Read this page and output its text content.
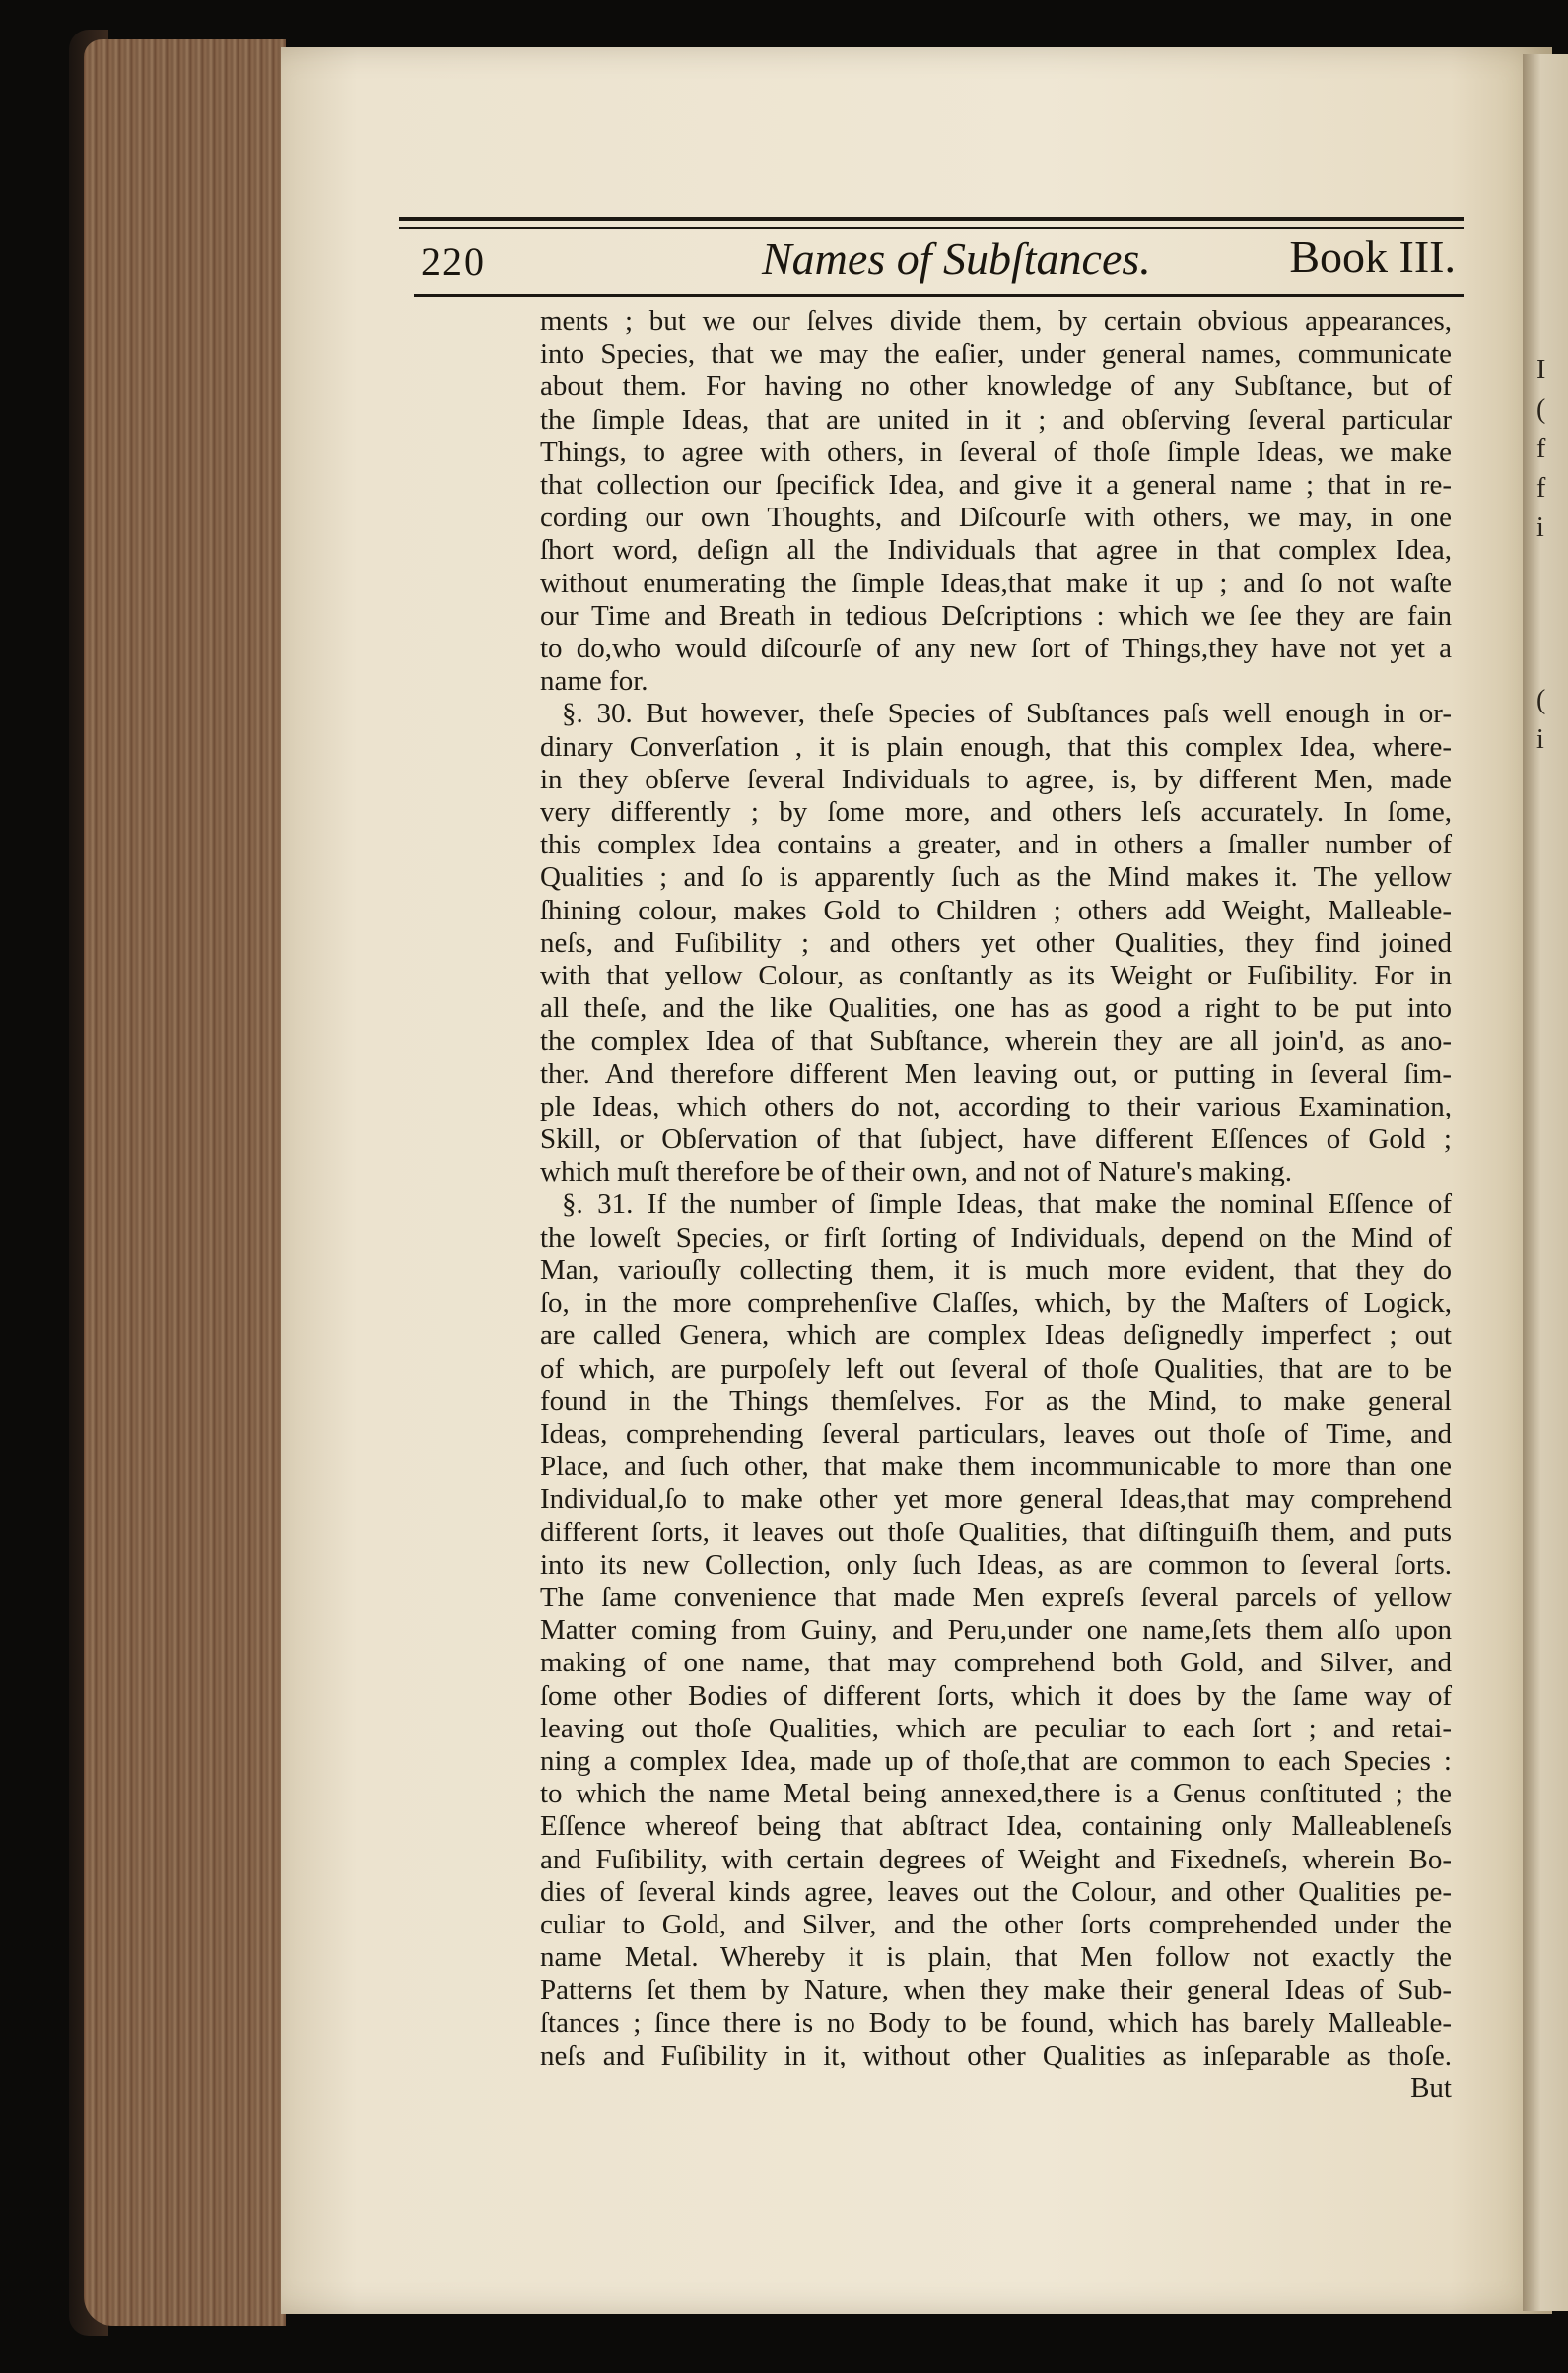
I
(
f
f
i
(
i
220	Names of Subſtances.	Book III.
ments ; but we our ſelves divide them, by certain obvious appearances,
into Species, that we may the eaſier, under general names, communicate
about them. For having no other knowledge of any Subſtance, but of
the ſimple Ideas, that are united in it ; and obſerving ſeveral particular
Things, to agree with others, in ſeveral of thoſe ſimple Ideas, we make
that collection our ſpecifick Idea, and give it a general name ; that in re-
cording our own Thoughts, and Diſcourſe with others, we may, in one
ſhort word, deſign all the Individuals that agree in that complex Idea,
without enumerating the ſimple Ideas,that make it up ; and ſo not waſte
our Time and Breath in tedious Deſcriptions : which we ſee they are fain
to do,who would diſcourſe of any new ſort of Things,they have not yet a
name for.
§. 30. But however, theſe Species of Subſtances paſs well enough in or-
dinary Converſation , it is plain enough, that this complex Idea, where-
in they obſerve ſeveral Individuals to agree, is, by different Men, made
very differently ; by ſome more, and others leſs accurately. In ſome,
this complex Idea contains a greater, and in others a ſmaller number of
Qualities ; and ſo is apparently ſuch as the Mind makes it. The yellow
ſhining colour, makes Gold to Children ; others add Weight, Malleable-
neſs, and Fuſibility ; and others yet other Qualities, they find joined
with that yellow Colour, as conſtantly as its Weight or Fuſibility. For in
all theſe, and the like Qualities, one has as good a right to be put into
the complex Idea of that Subſtance, wherein they are all join'd, as ano-
ther. And therefore different Men leaving out, or putting in ſeveral ſim-
ple Ideas, which others do not, according to their various Examination,
Skill, or Obſervation of that ſubject, have different Eſſences of Gold ;
which muſt therefore be of their own, and not of Nature's making.
§. 31. If the number of ſimple Ideas, that make the nominal Eſſence of
the loweſt Species, or firſt ſorting of Individuals, depend on the Mind of
Man, variouſly collecting them, it is much more evident, that they do
ſo, in the more comprehenſive Claſſes, which, by the Maſters of Logick,
are called Genera, which are complex Ideas deſignedly imperfect ; out
of which, are purpoſely left out ſeveral of thoſe Qualities, that are to be
found in the Things themſelves. For as the Mind, to make general
Ideas, comprehending ſeveral particulars, leaves out thoſe of Time, and
Place, and ſuch other, that make them incommunicable to more than one
Individual,ſo to make other yet more general Ideas,that may comprehend
different ſorts, it leaves out thoſe Qualities, that diſtinguiſh them, and puts
into its new Collection, only ſuch Ideas, as are common to ſeveral ſorts.
The ſame convenience that made Men expreſs ſeveral parcels of yellow
Matter coming from Guiny, and Peru,under one name,ſets them alſo upon
making of one name, that may comprehend both Gold, and Silver, and
ſome other Bodies of different ſorts, which it does by the ſame way of
leaving out thoſe Qualities, which are peculiar to each ſort ; and retai-
ning a complex Idea, made up of thoſe,that are common to each Species :
to which the name Metal being annexed,there is a Genus conſtituted ; the
Eſſence whereof being that abſtract Idea, containing only Malleableneſs
and Fuſibility, with certain degrees of Weight and Fixedneſs, wherein Bo-
dies of ſeveral kinds agree, leaves out the Colour, and other Qualities pe-
culiar to Gold, and Silver, and the other ſorts comprehended under the
name Metal. Whereby it is plain, that Men follow not exactly the
Patterns ſet them by Nature, when they make their general Ideas of Sub-
ſtances ; ſince there is no Body to be found, which has barely Malleable-
neſs and Fuſibility in it, without other Qualities as inſeparable as thoſe.
But
